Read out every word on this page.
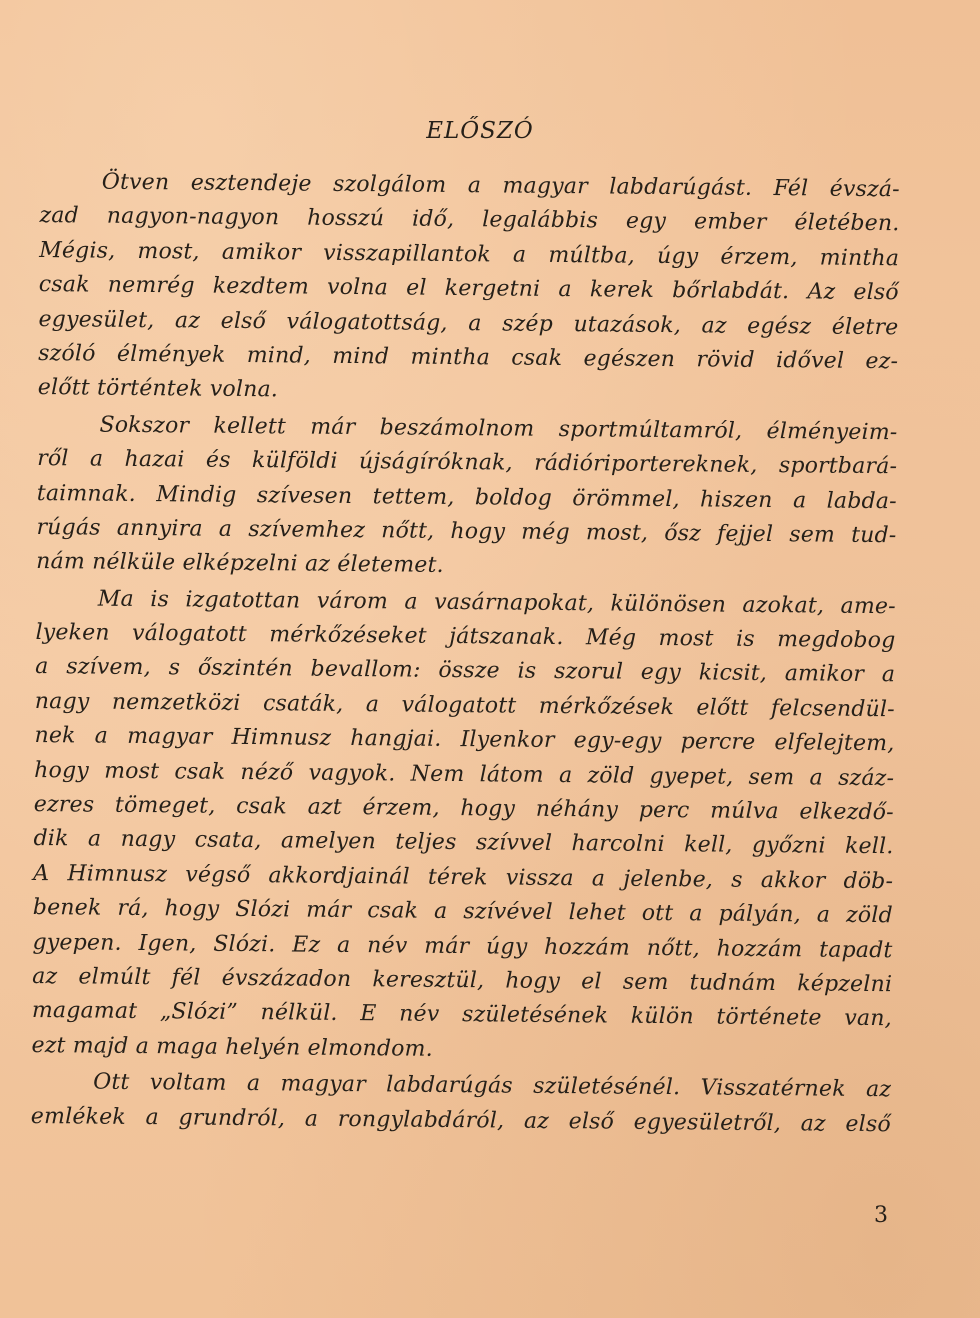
ELŐSZÓ
Ötven esztendeje szolgálom a magyar labdarúgást. Fél évszá-
zad nagyon-nagyon hosszú idő, legalábbis egy ember életében.
Mégis, most, amikor visszapillantok a múltba, úgy érzem, mintha
csak nemrég kezdtem volna el kergetni a kerek bőrlabdát. Az első
egyesület, az első válogatottság, a szép utazások, az egész életre
szóló élmények mind, mind mintha csak egészen rövid idővel ez-
előtt történtek volna.
Sokszor kellett már beszámolnom sportmúltamról, élményeim-
ről a hazai és külföldi újságíróknak, rádióriportereknek, sportbará-
taimnak. Mindig szívesen tettem, boldog örömmel, hiszen a labda-
rúgás annyira a szívemhez nőtt, hogy még most, ősz fejjel sem tud-
nám nélküle elképzelni az életemet.
Ma is izgatottan várom a vasárnapokat, különösen azokat, ame-
lyeken válogatott mérkőzéseket játszanak. Még most is megdobog
a szívem, s őszintén bevallom: össze is szorul egy kicsit, amikor a
nagy nemzetközi csaták, a válogatott mérkőzések előtt felcsendül-
nek a magyar Himnusz hangjai. Ilyenkor egy-egy percre elfelejtem,
hogy most csak néző vagyok. Nem látom a zöld gyepet, sem a száz-
ezres tömeget, csak azt érzem, hogy néhány perc múlva elkezdő-
dik a nagy csata, amelyen teljes szívvel harcolni kell, győzni kell.
A Himnusz végső akkordjainál térek vissza a jelenbe, s akkor döb-
benek rá, hogy Slózi már csak a szívével lehet ott a pályán, a zöld
gyepen. Igen, Slózi. Ez a név már úgy hozzám nőtt, hozzám tapadt
az elmúlt fél évszázadon keresztül, hogy el sem tudnám képzelni
magamat „Slózi” nélkül. E név születésének külön története van,
ezt majd a maga helyén elmondom.
Ott voltam a magyar labdarúgás születésénél. Visszatérnek az
emlékek a grundról, a rongylabdáról, az első egyesületről, az első
3
